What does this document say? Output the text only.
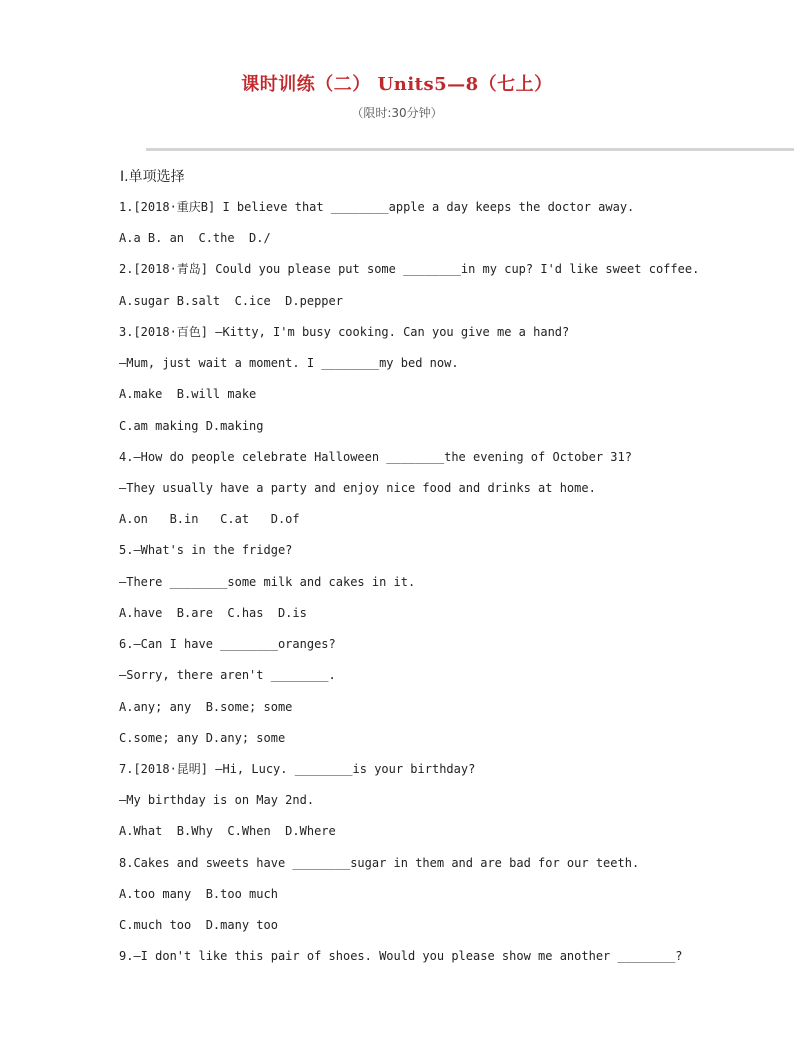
课时训练（二） Units5—8（七上）
（限时:30分钟）
Ⅰ.单项选择
1.[2018·重庆B] I believe that ________apple a day keeps the doctor away.
A.a B. an  C.the  D./
2.[2018·青岛] Could you please put some ________in my cup? I'd like sweet coffee.
A.sugar B.salt  C.ice  D.pepper
3.[2018·百色] —Kitty, I'm busy cooking. Can you give me a hand?
—Mum, just wait a moment. I ________my bed now.
A.make  B.will make
C.am making D.making
4.—How do people celebrate Halloween ________the evening of October 31?
—They usually have a party and enjoy nice food and drinks at home.
A.on   B.in   C.at   D.of
5.—What's in the fridge?
—There ________some milk and cakes in it.
A.have  B.are  C.has  D.is
6.—Can I have ________oranges?
—Sorry, there aren't ________.
A.any; any  B.some; some
C.some; any D.any; some
7.[2018·昆明] —Hi, Lucy. ________is your birthday?
—My birthday is on May 2nd.
A.What  B.Why  C.When  D.Where
8.Cakes and sweets have ________sugar in them and are bad for our teeth.
A.too many  B.too much
C.much too  D.many too
9.—I don't like this pair of shoes. Would you please show me another ________?
